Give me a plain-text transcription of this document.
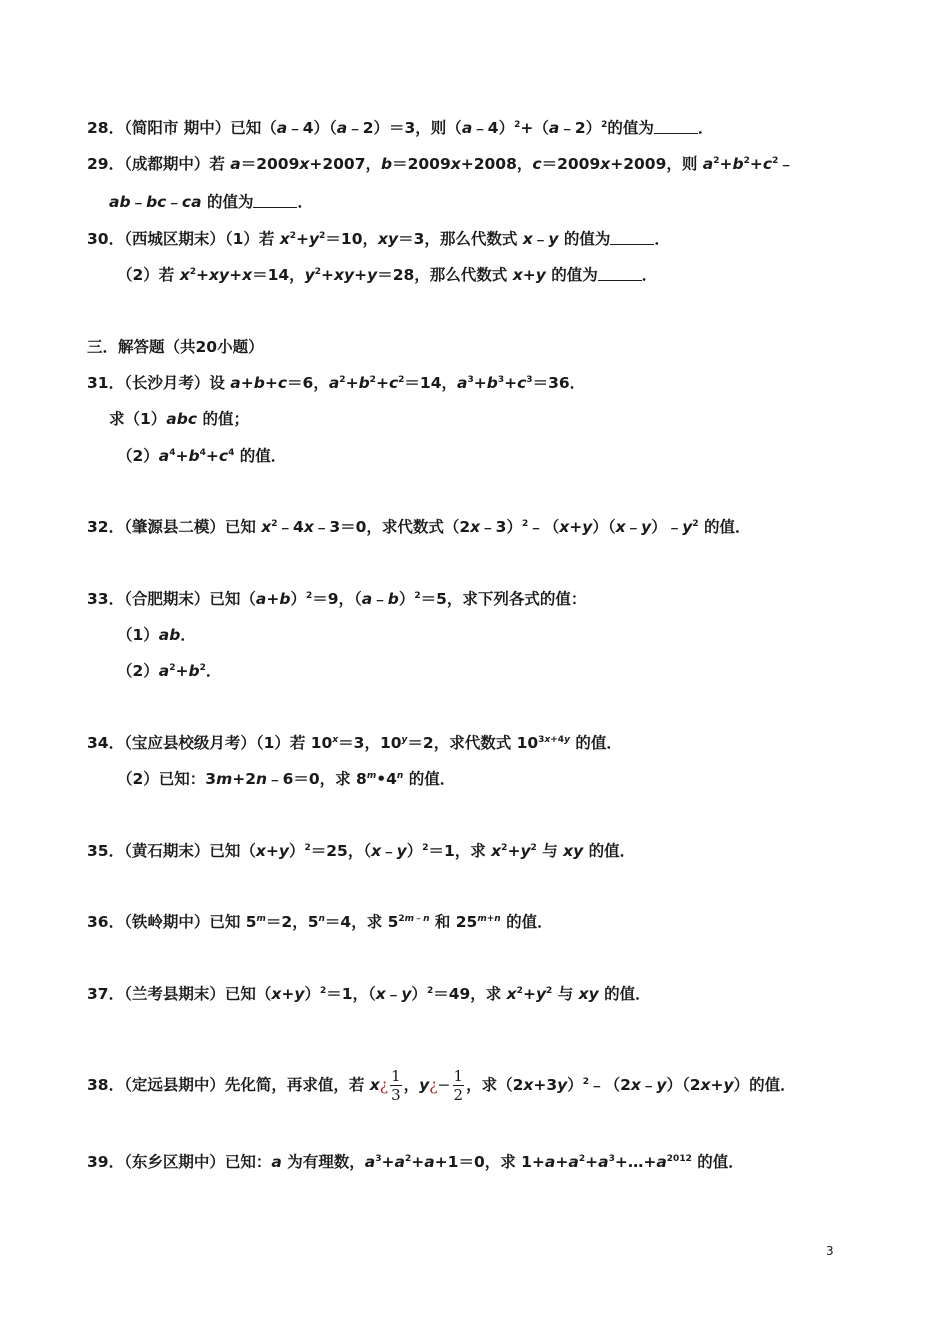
28．（简阳市 期中）已知（a﹣4）（a﹣2）＝3，则（a﹣4）$^2$+（a﹣2）$^2$的值为	．
29．（成都期中）若 a＝2009x+2007，b＝2009x+2008，c＝2009x+2009，则 $a^2+b^2+c^2﹣$
ab﹣bc﹣ca 的值为	．
30．（西城区期末）（1）若 $x^2+y^2=10$，xy＝3，那么代数式 x﹣y 的值为	．
（2）若 $x^2+xy+x=14$，$y^2+xy+y=28$，那么代数式 x+y 的值为	．
三．解答题（共20小题）
31．（长沙月考）设 a+b+c＝6，$a^2+b^2+c^2=14$，$a^3+b^3+c^3=36$．
求（1）abc 的值；
$(2)a^4+b^4+c^4$ 的值．
32．（肇源县二模）已知 $x^2﹣4x﹣3=0$，求代数式$(2x﹣3)^2﹣(x+y)(x﹣y)﹣y^2$ 的值．
33．（合肥期末）已知$(a+b)^2=9$，（a﹣b）$^2$＝5，求下列各式的值：
（1）ab．
$(2)a^2+b^2$．
34．（宝应县校级月考）（1）若 $10^x=3$，$10^y=2$，求代数式 $10^{3x+4y}$ 的值．
（2）已知：3m+2n﹣6＝0，求 8$^m$•4$^n$ 的值．
35．（黄石期末）已知$(x+y)^2=25$，（x﹣y）$^2$＝1，求 $x^2+y^2$ 与 xy 的值．
36．（铁岭期中）已知 $5^m=2$，$5^n=4$，求 $5^{2m﹣n}$ 和 $25^{m+n}$ 的值．
37．（兰考县期末）已知$(x+y)^2=1$，（x﹣y）$^2$＝49，求 $x^2+y^2$ 与 xy 的值．
38．（定远县期中）先化简，再求值，若 x¿ $\frac{1}{3}$ ，y¿− $\frac{1}{2}$ ，求$(2x+3y)^2﹣(2x﹣y)(2x+y)$的值．
39．（东乡区期中）已知：a 为有理数，$a^3+a^2+a+1=0$，求 $1+a+a^2+a^3+\dots+a^{2012}$ 的值．
3
